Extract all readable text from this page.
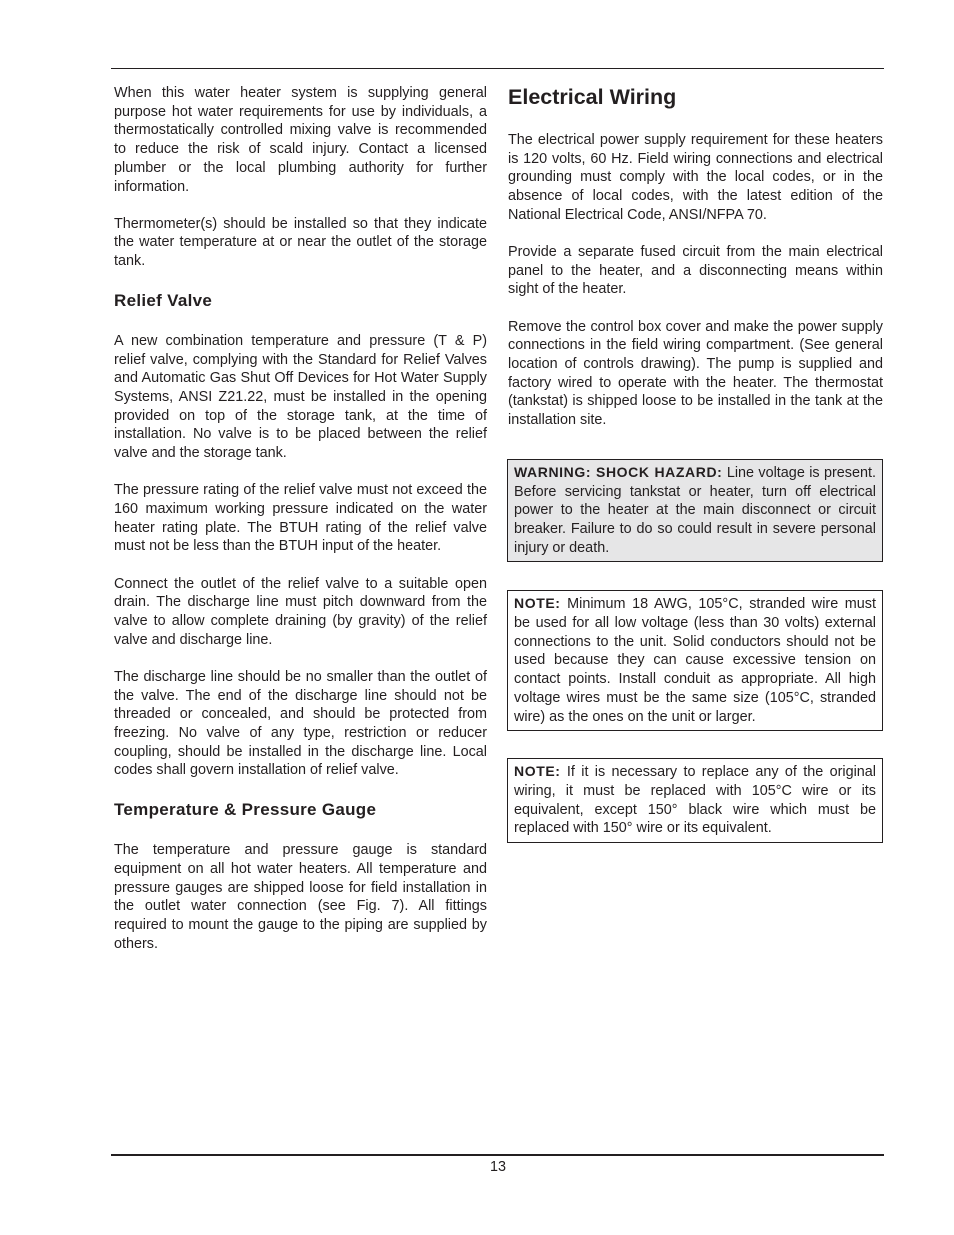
When this water heater system is supplying general purpose hot water requirements for use by individuals, a thermostatically controlled mixing valve is recommended to reduce the risk of scald injury. Contact a licensed plumber or the local plumbing authority for further information.

Thermometer(s) should be installed so that they indicate the water temperature at or near the outlet of the storage tank.

Relief Valve

A new combination temperature and pressure (T & P) relief valve, complying with the Standard for Relief Valves and Automatic Gas Shut Off Devices for Hot Water Supply Systems, ANSI Z21.22, must be installed in the opening provided on top of the storage tank, at the time of installation. No valve is to be placed between the relief valve and the storage tank.

The pressure rating of the relief valve must not exceed the 160 maximum working pressure indicated on the water heater rating plate. The BTUH rating of the relief valve must not be less than the BTUH input of the heater.

Connect the outlet of the relief valve to a suitable open drain. The discharge line must pitch downward from the valve to allow complete draining (by gravity) of the relief valve and discharge line.

The discharge line should be no smaller than the outlet of the valve. The end of the discharge line should not be threaded or concealed, and should be protected from freezing. No valve of any type, restriction or reducer coupling, should be installed in the discharge line. Local codes shall govern installation of relief valve.

Temperature & Pressure Gauge

The temperature and pressure gauge is standard equipment on all hot water heaters. All temperature and pressure gauges are shipped loose for field installation in the outlet water connection (see Fig. 7). All fittings required to mount the gauge to the piping are supplied by others.

Electrical Wiring

The electrical power supply requirement for these heaters is 120 volts, 60 Hz. Field wiring connections and electrical grounding must comply with the local codes, or in the absence of local codes, with the latest edition of the National Electrical Code, ANSI/NFPA 70.

Provide a separate fused circuit from the main electrical panel to the heater, and a disconnecting means within sight of the heater.

Remove the control box cover and make the power supply connections in the field wiring compartment. (See general location of controls drawing). The pump is supplied and factory wired to operate with the heater. The thermostat (tankstat) is shipped loose to be installed in the tank at the installation site.

WARNING: SHOCK HAZARD: Line voltage is present. Before servicing tankstat or heater, turn off electrical power to the heater at the main disconnect or circuit breaker. Failure to do so could result in severe personal injury or death.

NOTE: Minimum 18 AWG, 105°C, stranded wire must be used for all low voltage (less than 30 volts) external connections to the unit. Solid conductors should not be used because they can cause excessive tension on contact points. Install conduit as appropriate. All high voltage wires must be the same size (105°C, stranded wire) as the ones on the unit or larger.

NOTE: If it is necessary to replace any of the original wiring, it must be replaced with 105°C wire or its equivalent, except 150° black wire which must be replaced with 150° wire or its equivalent.

13
